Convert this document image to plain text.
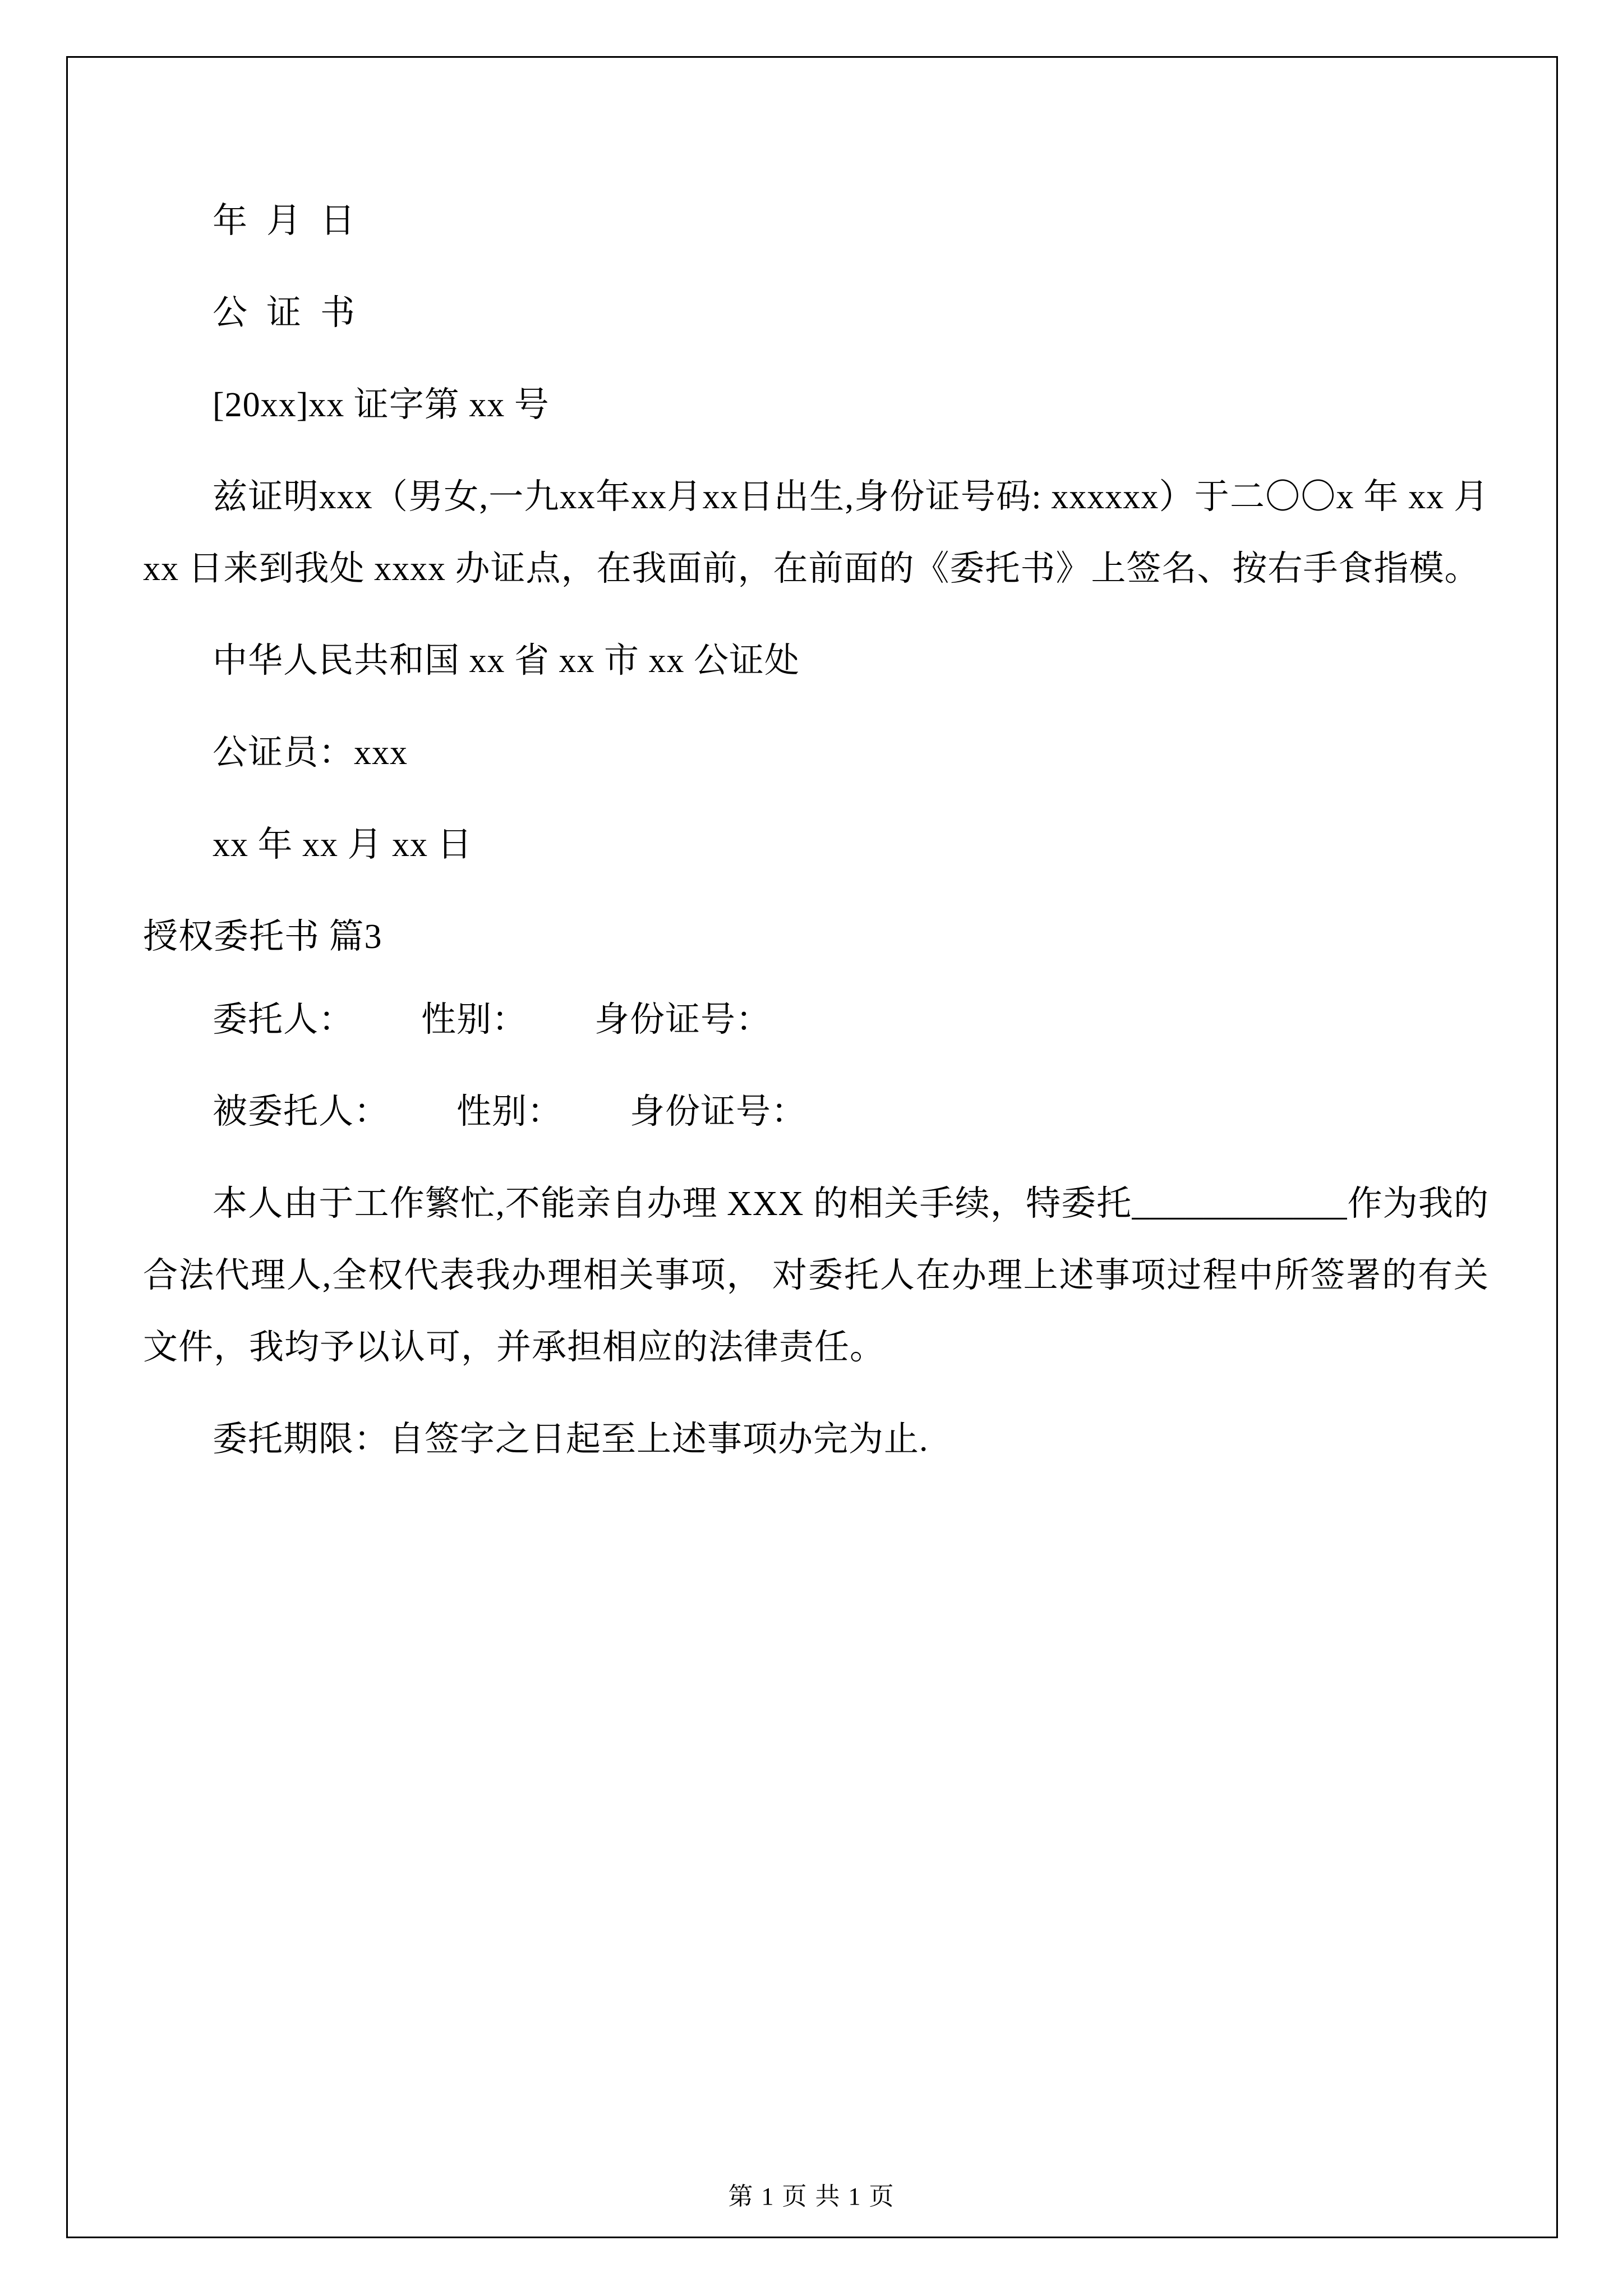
年  月  日

公  证  书

[20xx]xx 证字第 xx 号

兹证明xxx（男女,一九xx年xx月xx日出生,身份证号码: xxxxxx）于二〇〇x 年 xx 月 xx 日来到我处 xxxx 办证点，在我面前，在前面的《委托书》上签名、按右手食指模。

中华人民共和国 xx 省 xx 市 xx 公证处

公证员：xxx

xx 年 xx 月 xx 日

授权委托书 篇3

委托人： 性别： 身份证号：

被委托人： 性别： 身份证号：

本人由于工作繁忙,不能亲自办理 XXX 的相关手续，特委托____________作为我的合法代理人,全权代表我办理相关事项， 对委托人在办理上述事项过程中所签署的有关文件，我均予以认可，并承担相应的法律责任。

委托期限：自签字之日起至上述事项办完为止.

第 1 页 共 1 页
